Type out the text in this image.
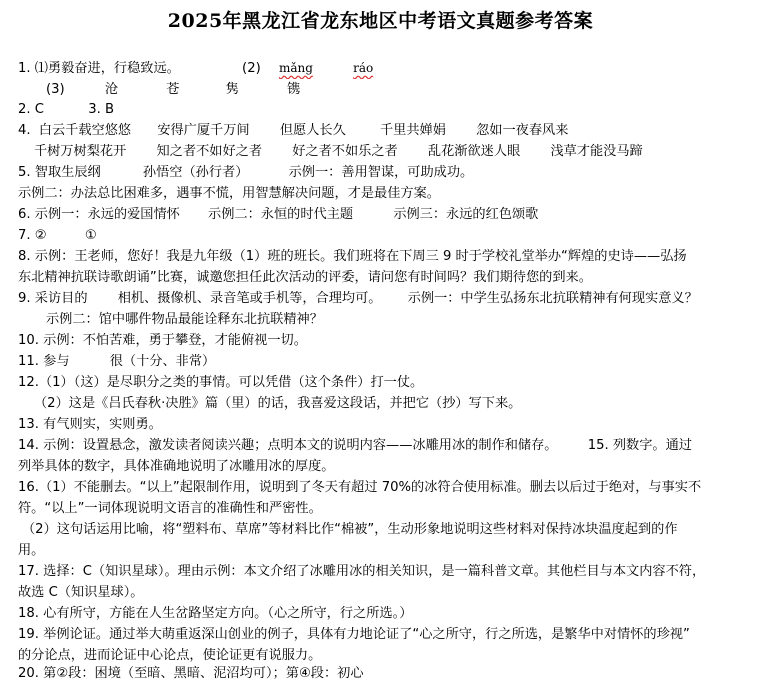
2025年黑龙江省龙东地区中考语文真题参考答案
1. ⑴勇毅奋进，行稳致远。	(2) mǎng	ráo
(3)	沧	苍	隽	镌
2. C	3. B
4. 白云千载空悠悠 安得广厦千万间 但愿人长久	千里共婵娟 忽如一夜春风来
千树万树梨花开 知之者不如好之者 好之者不如乐之者 乱花渐欲迷人眼 浅草才能没马蹄
5. 智取生辰纲	孙悟空（孙行者）	示例一：善用智谋，可助成功。
示例二：办法总比困难多，遇事不慌，用智慧解决问题，才是最佳方案。
6. 示例一：永远的爱国情怀 示例二：永恒的时代主题	示例三：永远的红色颂歌
7. ②	①
8. 示例：王老师，您好！我是九年级（1）班的班长。我们班将在下周三 9 时于学校礼堂举办“辉煌的史诗——弘扬
东北精神抗联诗歌朗诵”比赛，诚邀您担任此次活动的评委，请问您有时间吗？我们期待您的到来。
9. 采访目的 相机、摄像机、录音笔或手机等，合理均可。 示例一：中学生弘扬东北抗联精神有何现实意义？
示例二：馆中哪件物品最能诠释东北抗联精神？
10. 示例：不怕苦难，勇于攀登，才能俯视一切。
11. 参与	很（十分、非常）
12.（1）（这）是尽职分之类的事情。可以凭借（这个条件）打一仗。
（2）这是《吕氏春秋·决胜》篇（里）的话，我喜爱这段话，并把它（抄）写下来。
13. 有气则实，实则勇。
14. 示例：设置悬念，激发读者阅读兴趣；点明本文的说明内容——冰雕用冰的制作和储存。 15. 列数字。通过
列举具体的数字，具体准确地说明了冰雕用冰的厚度。
16.（1）不能删去。“以上”起限制作用，说明到了冬天有超过 70%的冰符合使用标准。删去以后过于绝对，与事实不
符。“以上”一词体现说明文语言的准确性和严密性。
（2）这句话运用比喻，将“塑料布、草席”等材料比作“棉被”，生动形象地说明这些材料对保持冰块温度起到的作
用。
17. 选择：C（知识星球）。理由示例：本文介绍了冰雕用冰的相关知识，是一篇科普文章。其他栏目与本文内容不符，
故选 C（知识星球）。
18. 心有所守，方能在人生岔路坚定方向。（心之所守，行之所选。）
19. 举例论证。通过举大萌重返深山创业的例子，具体有力地论证了“心之所守，行之所选，是繁华中对情怀的珍视”
的分论点，进而论证中心论点，使论证更有说服力。
20. 第②段：困境（至暗、黑暗、泥沼均可）；第④段：初心
